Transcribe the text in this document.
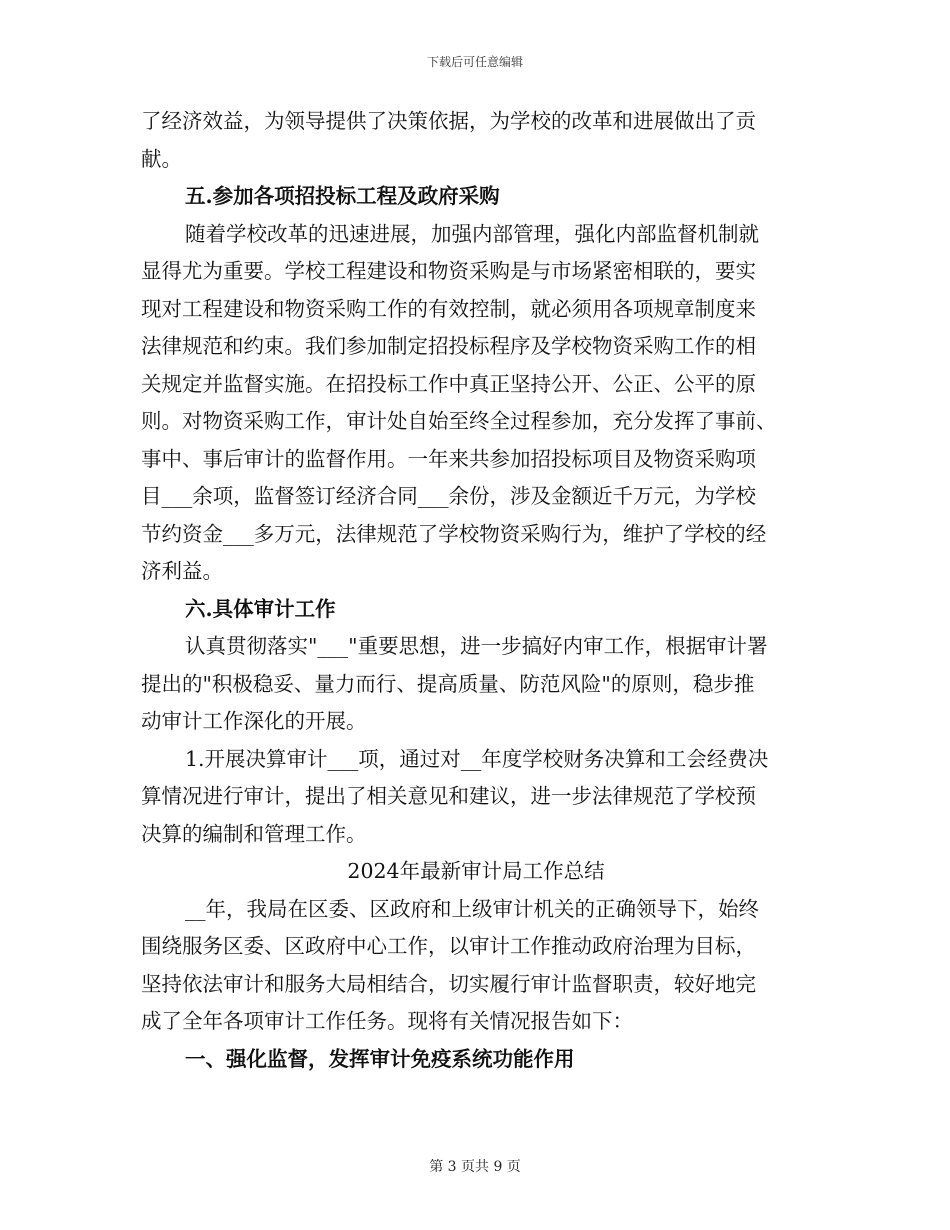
下载后可任意编辑
了经济效益，为领导提供了决策依据，为学校的改革和进展做出了贡
献。
五.参加各项招投标工程及政府采购
随着学校改革的迅速进展，加强内部管理，强化内部监督机制就
显得尤为重要。学校工程建设和物资采购是与市场紧密相联的，要实
现对工程建设和物资采购工作的有效控制，就必须用各项规章制度来
法律规范和约束。我们参加制定招投标程序及学校物资采购工作的相
关规定并监督实施。在招投标工作中真正坚持公开、公正、公平的原
则。对物资采购工作，审计处自始至终全过程参加，充分发挥了事前、
事中、事后审计的监督作用。一年来共参加招投标项目及物资采购项
目___余项，监督签订经济合同___余份，涉及金额近千万元，为学校
节约资金___多万元，法律规范了学校物资采购行为，维护了学校的经
济利益。
六.具体审计工作
认真贯彻落实"___"重要思想，进一步搞好内审工作，根据审计署
提出的"积极稳妥、量力而行、提高质量、防范风险"的原则，稳步推
动审计工作深化的开展。
1.开展决算审计___项，通过对__年度学校财务决算和工会经费决
算情况进行审计，提出了相关意见和建议，进一步法律规范了学校预
决算的编制和管理工作。
2024年最新审计局工作总结
__年，我局在区委、区政府和上级审计机关的正确领导下，始终
围绕服务区委、区政府中心工作，以审计工作推动政府治理为目标，
坚持依法审计和服务大局相结合，切实履行审计监督职责，较好地完
成了全年各项审计工作任务。现将有关情况报告如下：
一、强化监督，发挥审计免疫系统功能作用
第 3 页共 9 页
